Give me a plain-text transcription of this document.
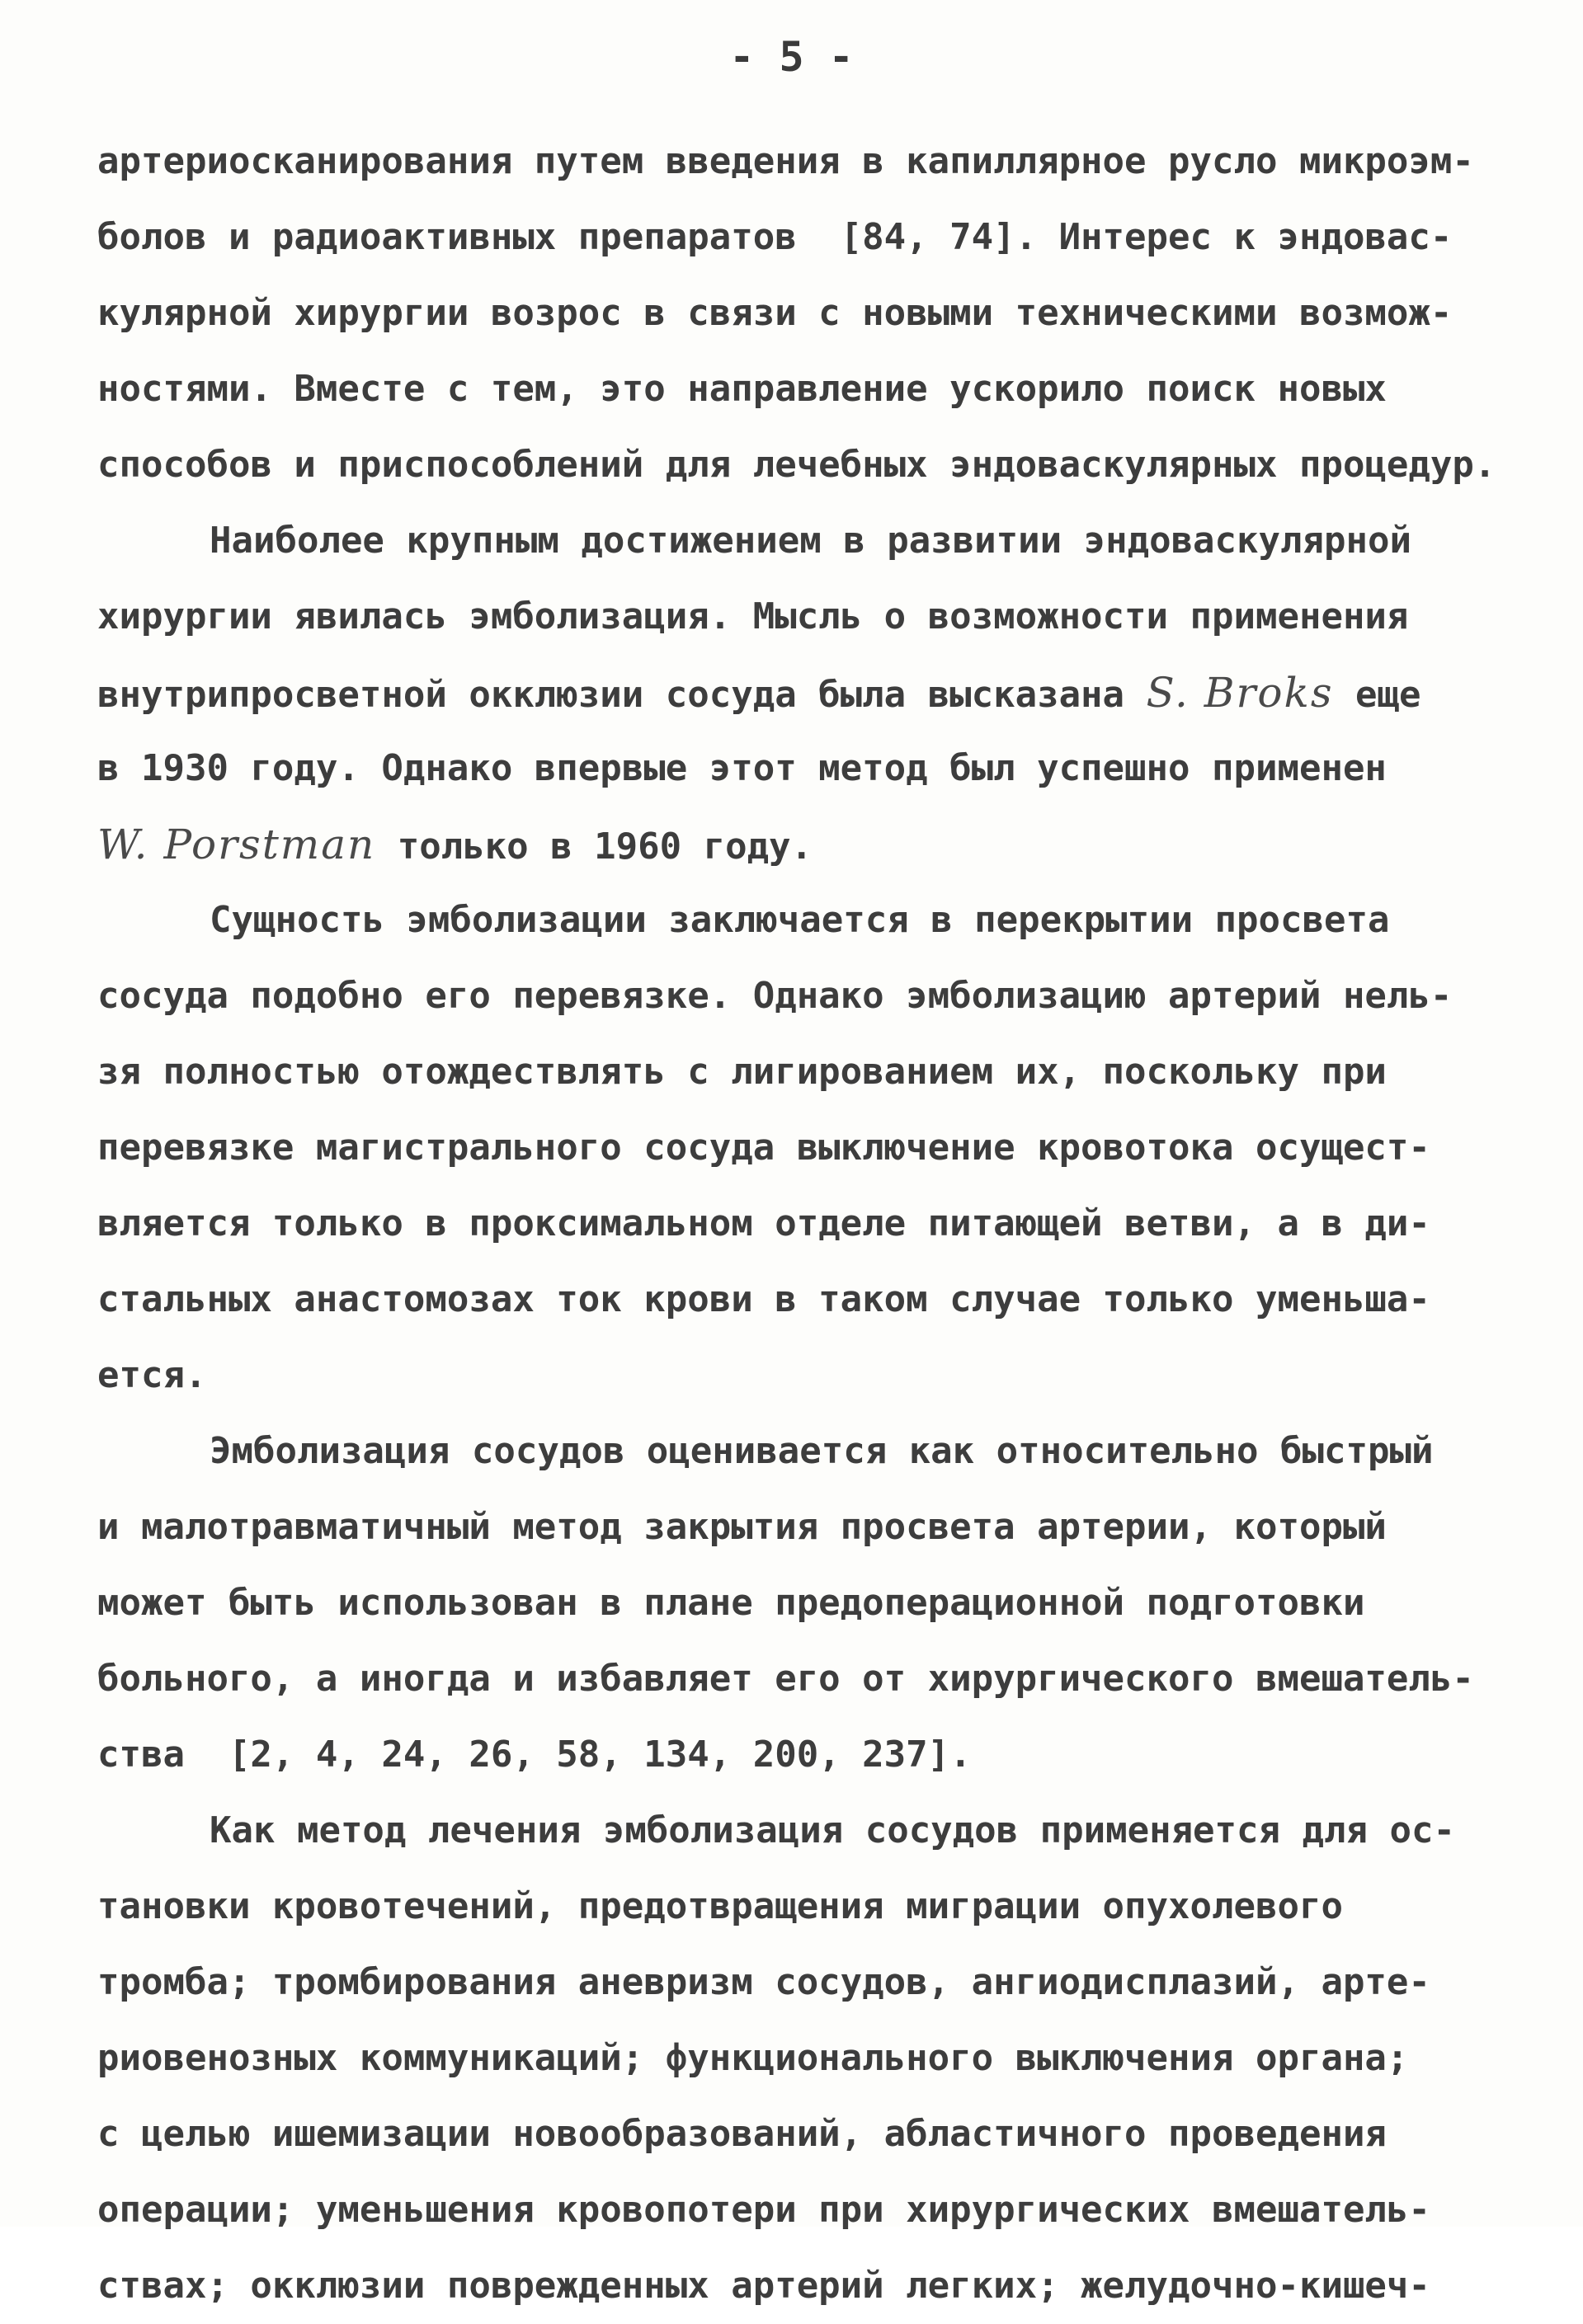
- 5 -
артериосканирования путем введения в капиллярное русло микроэм-
болов и радиоактивных препаратов  [84, 74]. Интерес к эндовас-
кулярной хирургии возрос в связи с новыми техническими возмож-
ностями. Вместе с тем, это направление ускорило поиск новых
способов и приспособлений для лечебных эндоваскулярных процедур.
Наиболее крупным достижением в развитии эндоваскулярной
хирургии явилась эмболизация. Мысль о возможности применения
внутрипросветной окклюзии сосуда была высказана S. Broks еще
в 1930 году. Однако впервые этот метод был успешно применен
W. Porstman только в 1960 году.
Сущность эмболизации заключается в перекрытии просвета
сосуда подобно его перевязке. Однако эмболизацию артерий нель-
зя полностью отождествлять с лигированием их, поскольку при
перевязке магистрального сосуда выключение кровотока осущест-
вляется только в проксимальном отделе питающей ветви, а в ди-
стальных анастомозах ток крови в таком случае только уменьша-
ется.
Эмболизация сосудов оценивается как относительно быстрый
и малотравматичный метод закрытия просвета артерии, который
может быть использован в плане предоперационной подготовки
больного, а иногда и избавляет его от хирургического вмешатель-
ства  [2, 4, 24, 26, 58, 134, 200, 237].
Как метод лечения эмболизация сосудов применяется для ос-
тановки кровотечений, предотвращения миграции опухолевого
тромба; тромбирования аневризм сосудов, ангиодисплазий, арте-
риовенозных коммуникаций; функционального выключения органа;
с целью ишемизации новообразований, абластичного проведения
операции; уменьшения кровопотери при хирургических вмешатель-
ствах; окклюзии поврежденных артерий легких; желудочно-кишеч-
